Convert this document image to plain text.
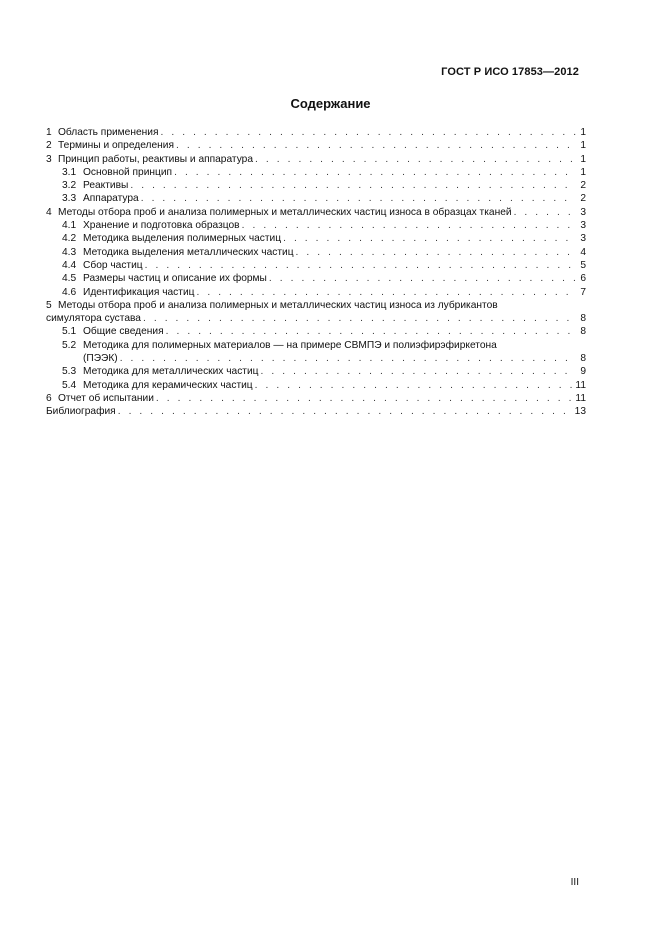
ГОСТ Р ИСО 17853—2012
Содержание
1 Область применения . . .	1
2 Термины и определения . . .	1
3 Принцип работы, реактивы и аппаратура . . .	1
3.1 Основной принцип . . .	1
3.2 Реактивы . . .	2
3.3 Аппаратура . . .	2
4 Методы отбора проб и анализа полимерных и металлических частиц износа в образцах тканей . . .	3
4.1 Хранение и подготовка образцов . . .	3
4.2 Методика выделения полимерных частиц . . .	3
4.3 Методика выделения металлических частиц . . .	4
4.4 Сбор частиц . . .	5
4.5 Размеры частиц и описание их формы . . .	6
4.6 Идентификация частиц . . .	7
5 Методы отбора проб и анализа полимерных и металлических частиц износа из лубрикантов
симулятора сустава . . .	8
5.1 Общие сведения . . .	8
5.2 Методика для полимерных материалов — на примере СВМПЭ и полиэфирэфиркетона
(ПЭЭК) . . .	8
5.3 Методика для металлических частиц . . .	9
5.4 Методика для керамических частиц . . .	11
6 Отчет об испытании . . .	11
Библиография . . .	13
III
